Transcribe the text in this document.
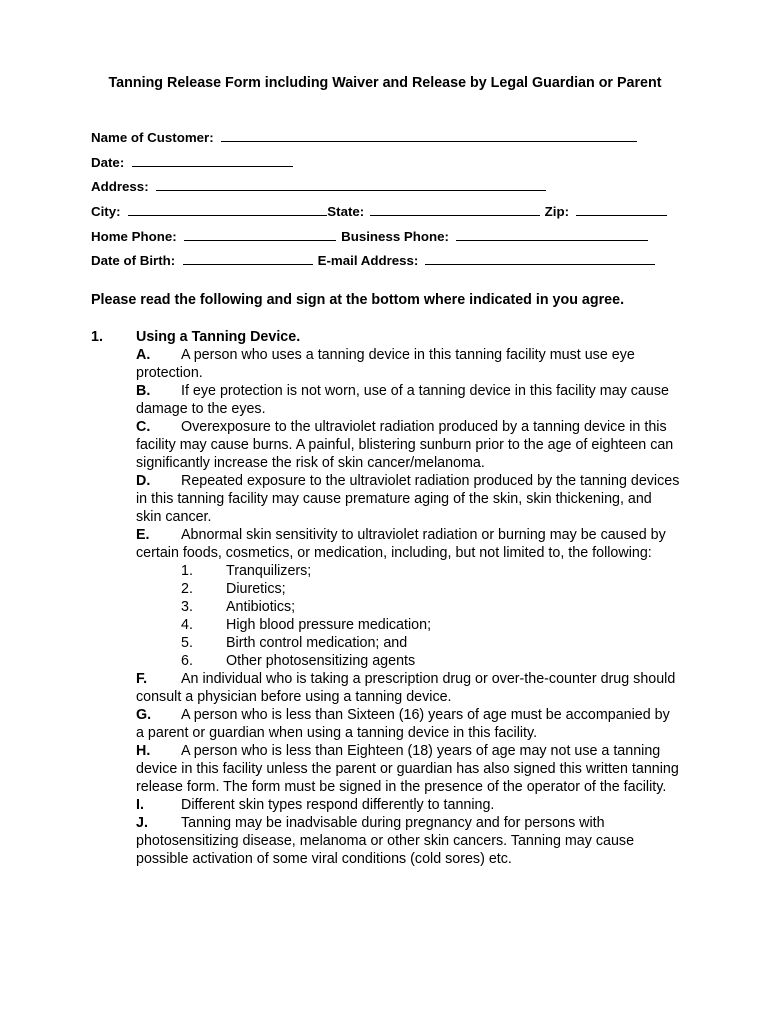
Tanning Release Form including Waiver and Release by Legal Guardian or Parent
Name of Customer:
Date:
Address:
City:	State:	Zip:
Home Phone:	Business Phone:
Date of Birth:	E-mail Address:
Please read the following and sign at the bottom where indicated in you agree.
1. Using a Tanning Device.

A. A person who uses a tanning device in this tanning facility must use eye protection.

B. If eye protection is not worn, use of a tanning device in this facility may cause damage to the eyes.

C. Overexposure to the ultraviolet radiation produced by a tanning device in this facility may cause burns. A painful, blistering sunburn prior to the age of eighteen can significantly increase the risk of skin cancer/melanoma.

D. Repeated exposure to the ultraviolet radiation produced by the tanning devices in this tanning facility may cause premature aging of the skin, skin thickening, and skin cancer.

E. Abnormal skin sensitivity to ultraviolet radiation or burning may be caused by certain foods, cosmetics, or medication, including, but not limited to, the following:

1. Tranquilizers;
2. Diuretics;
3. Antibiotics;
4. High blood pressure medication;
5. Birth control medication; and
6. Other photosensitizing agents

F. An individual who is taking a prescription drug or over-the-counter drug should consult a physician before using a tanning device.

G. A person who is less than Sixteen (16) years of age must be accompanied by a parent or guardian when using a tanning device in this facility.

H. A person who is less than Eighteen (18) years of age may not use a tanning device in this facility unless the parent or guardian has also signed this written tanning release form. The form must be signed in the presence of the operator of the facility.

I.	Different skin types respond differently to tanning.

J. Tanning may be inadvisable during pregnancy and for persons with photosensitizing disease, melanoma or other skin cancers. Tanning may cause possible activation of some viral conditions (cold sores) etc.
